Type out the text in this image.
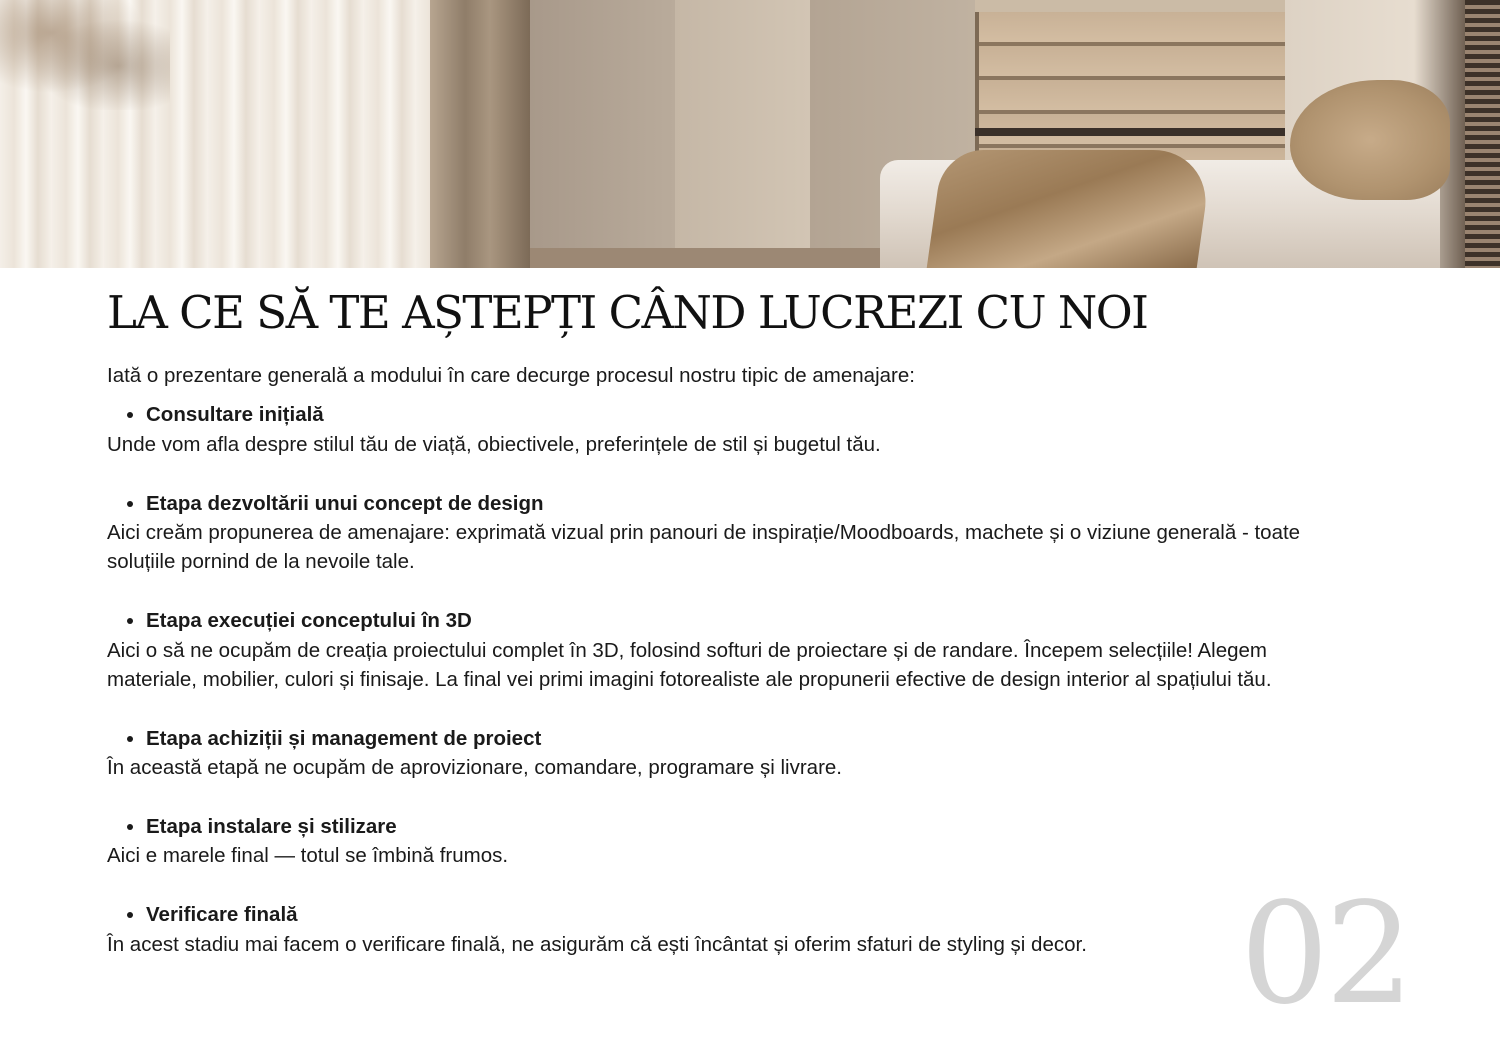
LA CE SĂ TE AȘTEPȚI CÂND LUCREZI CU NOI
02

Iată o prezentare generală a modului în care decurge procesul nostru tipic de amenajare:

• Consultare inițială

Unde vom afla despre stilul tău de viață, obiectivele, preferințele de stil și bugetul tău.

• Etapa dezvoltării unui concept de design

Aici creăm propunerea de amenajare: exprimată vizual prin panouri de inspirație/Moodboards, machete și o viziune generală - toate soluțiile pornind de la nevoile tale.

• Etapa execuției conceptului în 3D

Aici o să ne ocupăm de creația proiectului complet în 3D, folosind softuri de proiectare și de randare. Începem selecțiile! Alegem materiale, mobilier, culori și finisaje. La final vei primi imagini fotorealiste ale propunerii efective de design interior al spațiului tău.

• Etapa achiziții și management de proiect

În această etapă ne ocupăm de aprovizionare, comandare, programare și livrare.

• Etapa instalare și stilizare

Aici e marele final — totul se îmbină frumos.

• Verificare finală

În acest stadiu mai facem o verificare finală, ne asigurăm că ești încântat și oferim sfaturi de styling și decor.
